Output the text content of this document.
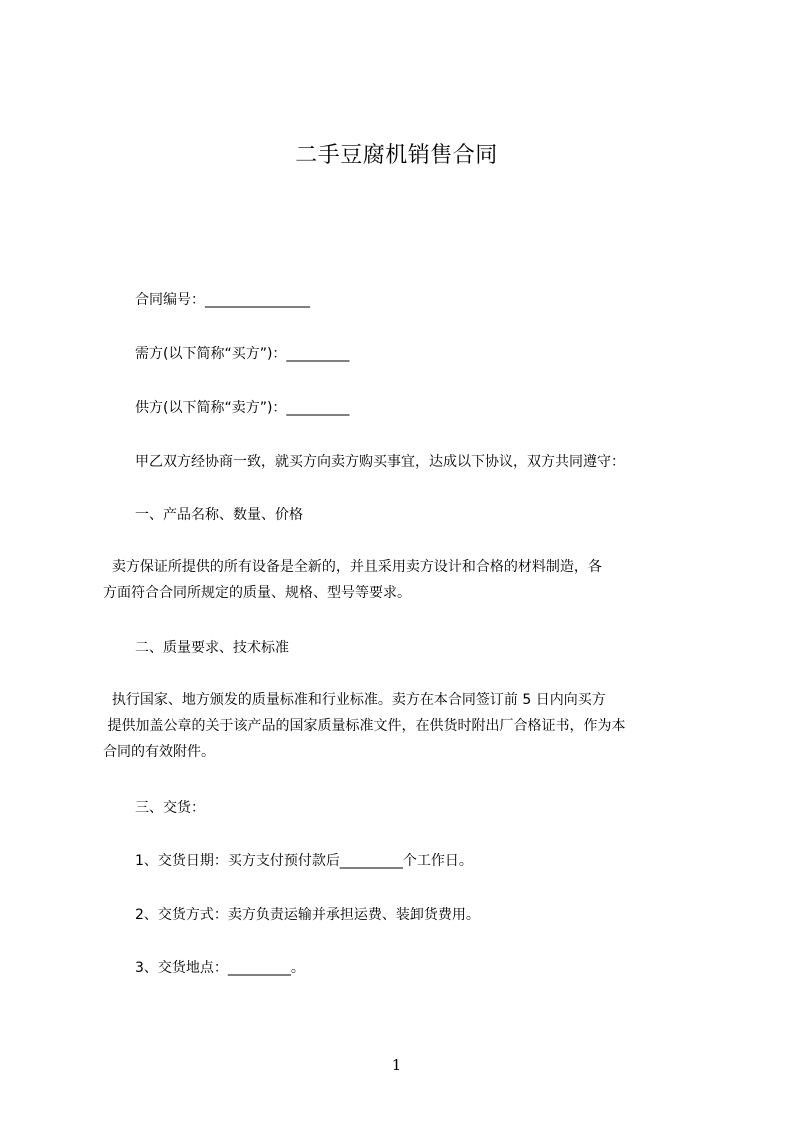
二手豆腐机销售合同

合同编号：_______________

需方(以下简称“买方”)：_________

供方(以下简称“卖方”)：_________

甲乙双方经协商一致，就买方向卖方购买事宜，达成以下协议，双方共同遵守：

一、产品名称、数量、价格

卖方保证所提供的所有设备是全新的，并且采用卖方设计和合格的材料制造，各
方面符合合同所规定的质量、规格、型号等要求。

二、质量要求、技术标准

执行国家、地方颁发的质量标准和行业标准。卖方在本合同签订前 5 日内向买方
提供加盖公章的关于该产品的国家质量标准文件，在供货时附出厂合格证书，作为本
合同的有效附件。

三、交货：

1、交货日期：买方支付预付款后_________个工作日。

2、交货方式：卖方负责运输并承担运费、装卸货费用。

3、交货地点：_________。

1
